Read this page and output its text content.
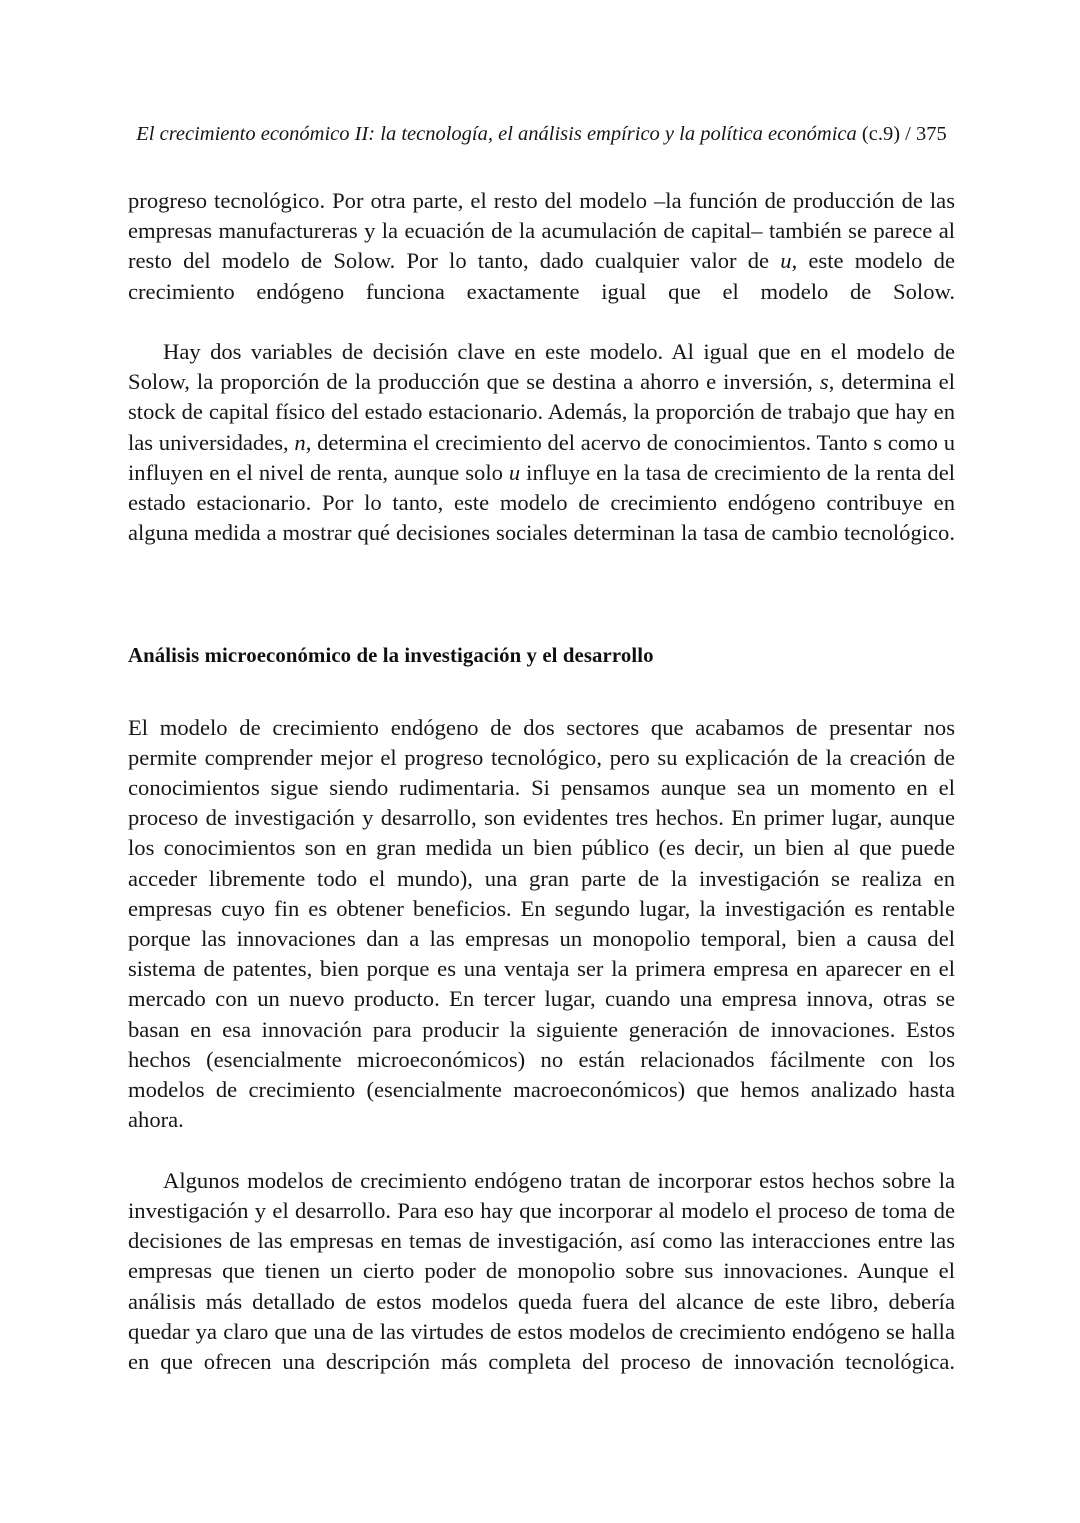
El crecimiento económico II: la tecnología, el análisis empírico y la política económica (c.9) / 375

progreso tecnológico. Por otra parte, el resto del modelo –la función de producción de las empresas manufactureras y la ecuación de la acumulación de capital– también se parece al resto del modelo de Solow. Por lo tanto, dado cualquier valor de u, este modelo de crecimiento endógeno funciona exactamente igual que el modelo de Solow.

Hay dos variables de decisión clave en este modelo. Al igual que en el modelo de Solow, la proporción de la producción que se destina a ahorro e inversión, s, determina el stock de capital físico del estado estacionario. Además, la proporción de trabajo que hay en las universidades, n, determina el crecimiento del acervo de conocimientos. Tanto s como u influyen en el nivel de renta, aunque solo u influye en la tasa de crecimiento de la renta del estado estacionario. Por lo tanto, este modelo de crecimiento endógeno contribuye en alguna medida a mostrar qué decisiones sociales determinan la tasa de cambio tecnológico.

Análisis microeconómico de la investigación y el desarrollo

El modelo de crecimiento endógeno de dos sectores que acabamos de presentar nos permite comprender mejor el progreso tecnológico, pero su explicación de la creación de conocimientos sigue siendo rudimentaria. Si pensamos aunque sea un momento en el proceso de investigación y desarrollo, son evidentes tres hechos. En primer lugar, aunque los conocimientos son en gran medida un bien público (es decir, un bien al que puede acceder libremente todo el mundo), una gran parte de la investigación se realiza en empresas cuyo fin es obtener beneficios. En segundo lugar, la investigación es rentable porque las innovaciones dan a las empresas un monopolio temporal, bien a causa del sistema de patentes, bien porque es una ventaja ser la primera empresa en aparecer en el mercado con un nuevo producto. En tercer lugar, cuando una empresa innova, otras se basan en esa innovación para producir la siguiente generación de innovaciones. Estos hechos (esencialmente microeconómicos) no están relacionados fácilmente con los modelos de crecimiento (esencialmente macroeconómicos) que hemos analizado hasta ahora.

Algunos modelos de crecimiento endógeno tratan de incorporar estos hechos sobre la investigación y el desarrollo. Para eso hay que incorporar al modelo el proceso de toma de decisiones de las empresas en temas de investigación, así como las interacciones entre las empresas que tienen un cierto poder de monopolio sobre sus innovaciones. Aunque el análisis más detallado de estos modelos queda fuera del alcance de este libro, debería quedar ya claro que una de las virtudes de estos modelos de crecimiento endógeno se halla en que ofrecen una descripción más completa del proceso de innovación tecnológica.
